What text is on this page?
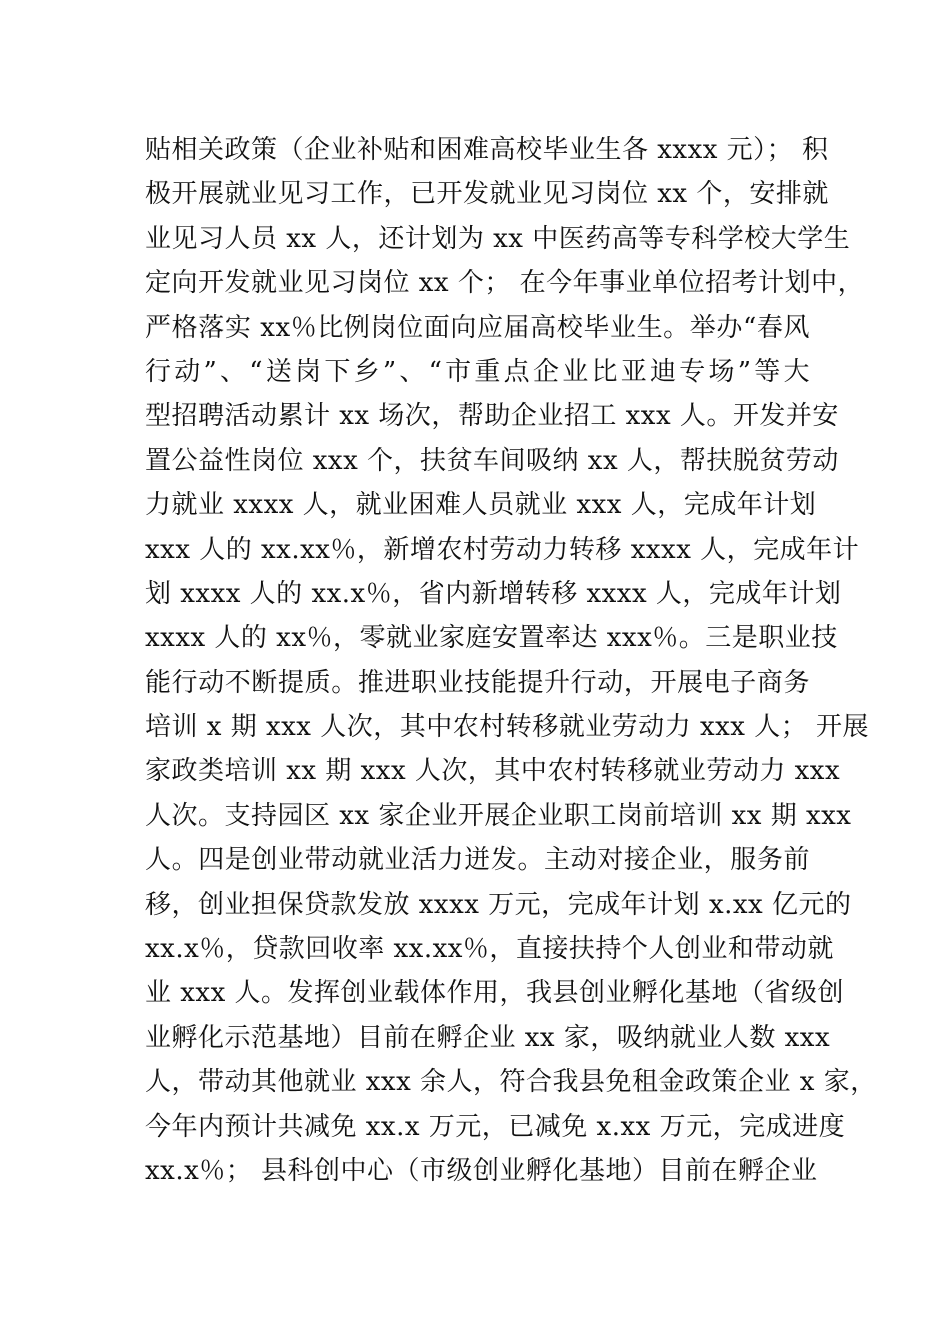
贴相关政策（企业补贴和困难高校毕业生各 xxxx 元）； 积
极开展就业见习工作，已开发就业见习岗位 xx 个，安排就
业见习人员 xx 人，还计划为 xx 中医药高等专科学校大学生
定向开发就业见习岗位 xx 个； 在今年事业单位招考计划中，
严格落实 xx％比例岗位面向应届高校毕业生。举办“春风
行动”、“送岗下乡”、“市重点企业比亚迪专场”等大
型招聘活动累计 xx 场次，帮助企业招工 xxx 人。开发并安
置公益性岗位 xxx 个，扶贫车间吸纳 xx 人，帮扶脱贫劳动
力就业 xxxx 人，就业困难人员就业 xxx 人，完成年计划
xxx 人的 xx.xx％，新增农村劳动力转移 xxxx 人，完成年计
划 xxxx 人的 xx.x％，省内新增转移 xxxx 人，完成年计划
xxxx 人的 xx％，零就业家庭安置率达 xxx％。三是职业技
能行动不断提质。推进职业技能提升行动，开展电子商务
培训 x 期 xxx 人次，其中农村转移就业劳动力 xxx 人； 开展
家政类培训 xx 期 xxx 人次，其中农村转移就业劳动力 xxx
人次。支持园区 xx 家企业开展企业职工岗前培训 xx 期 xxx
人。四是创业带动就业活力迸发。主动对接企业，服务前
移，创业担保贷款发放 xxxx 万元，完成年计划 x.xx 亿元的
xx.x％，贷款回收率 xx.xx％，直接扶持个人创业和带动就
业 xxx 人。发挥创业载体作用，我县创业孵化基地（省级创
业孵化示范基地）目前在孵企业 xx 家，吸纳就业人数 xxx
人，带动其他就业 xxx 余人，符合我县免租金政策企业 x 家，
今年内预计共减免 xx.x 万元，已减免 x.xx 万元，完成进度
xx.x％； 县科创中心（市级创业孵化基地）目前在孵企业
